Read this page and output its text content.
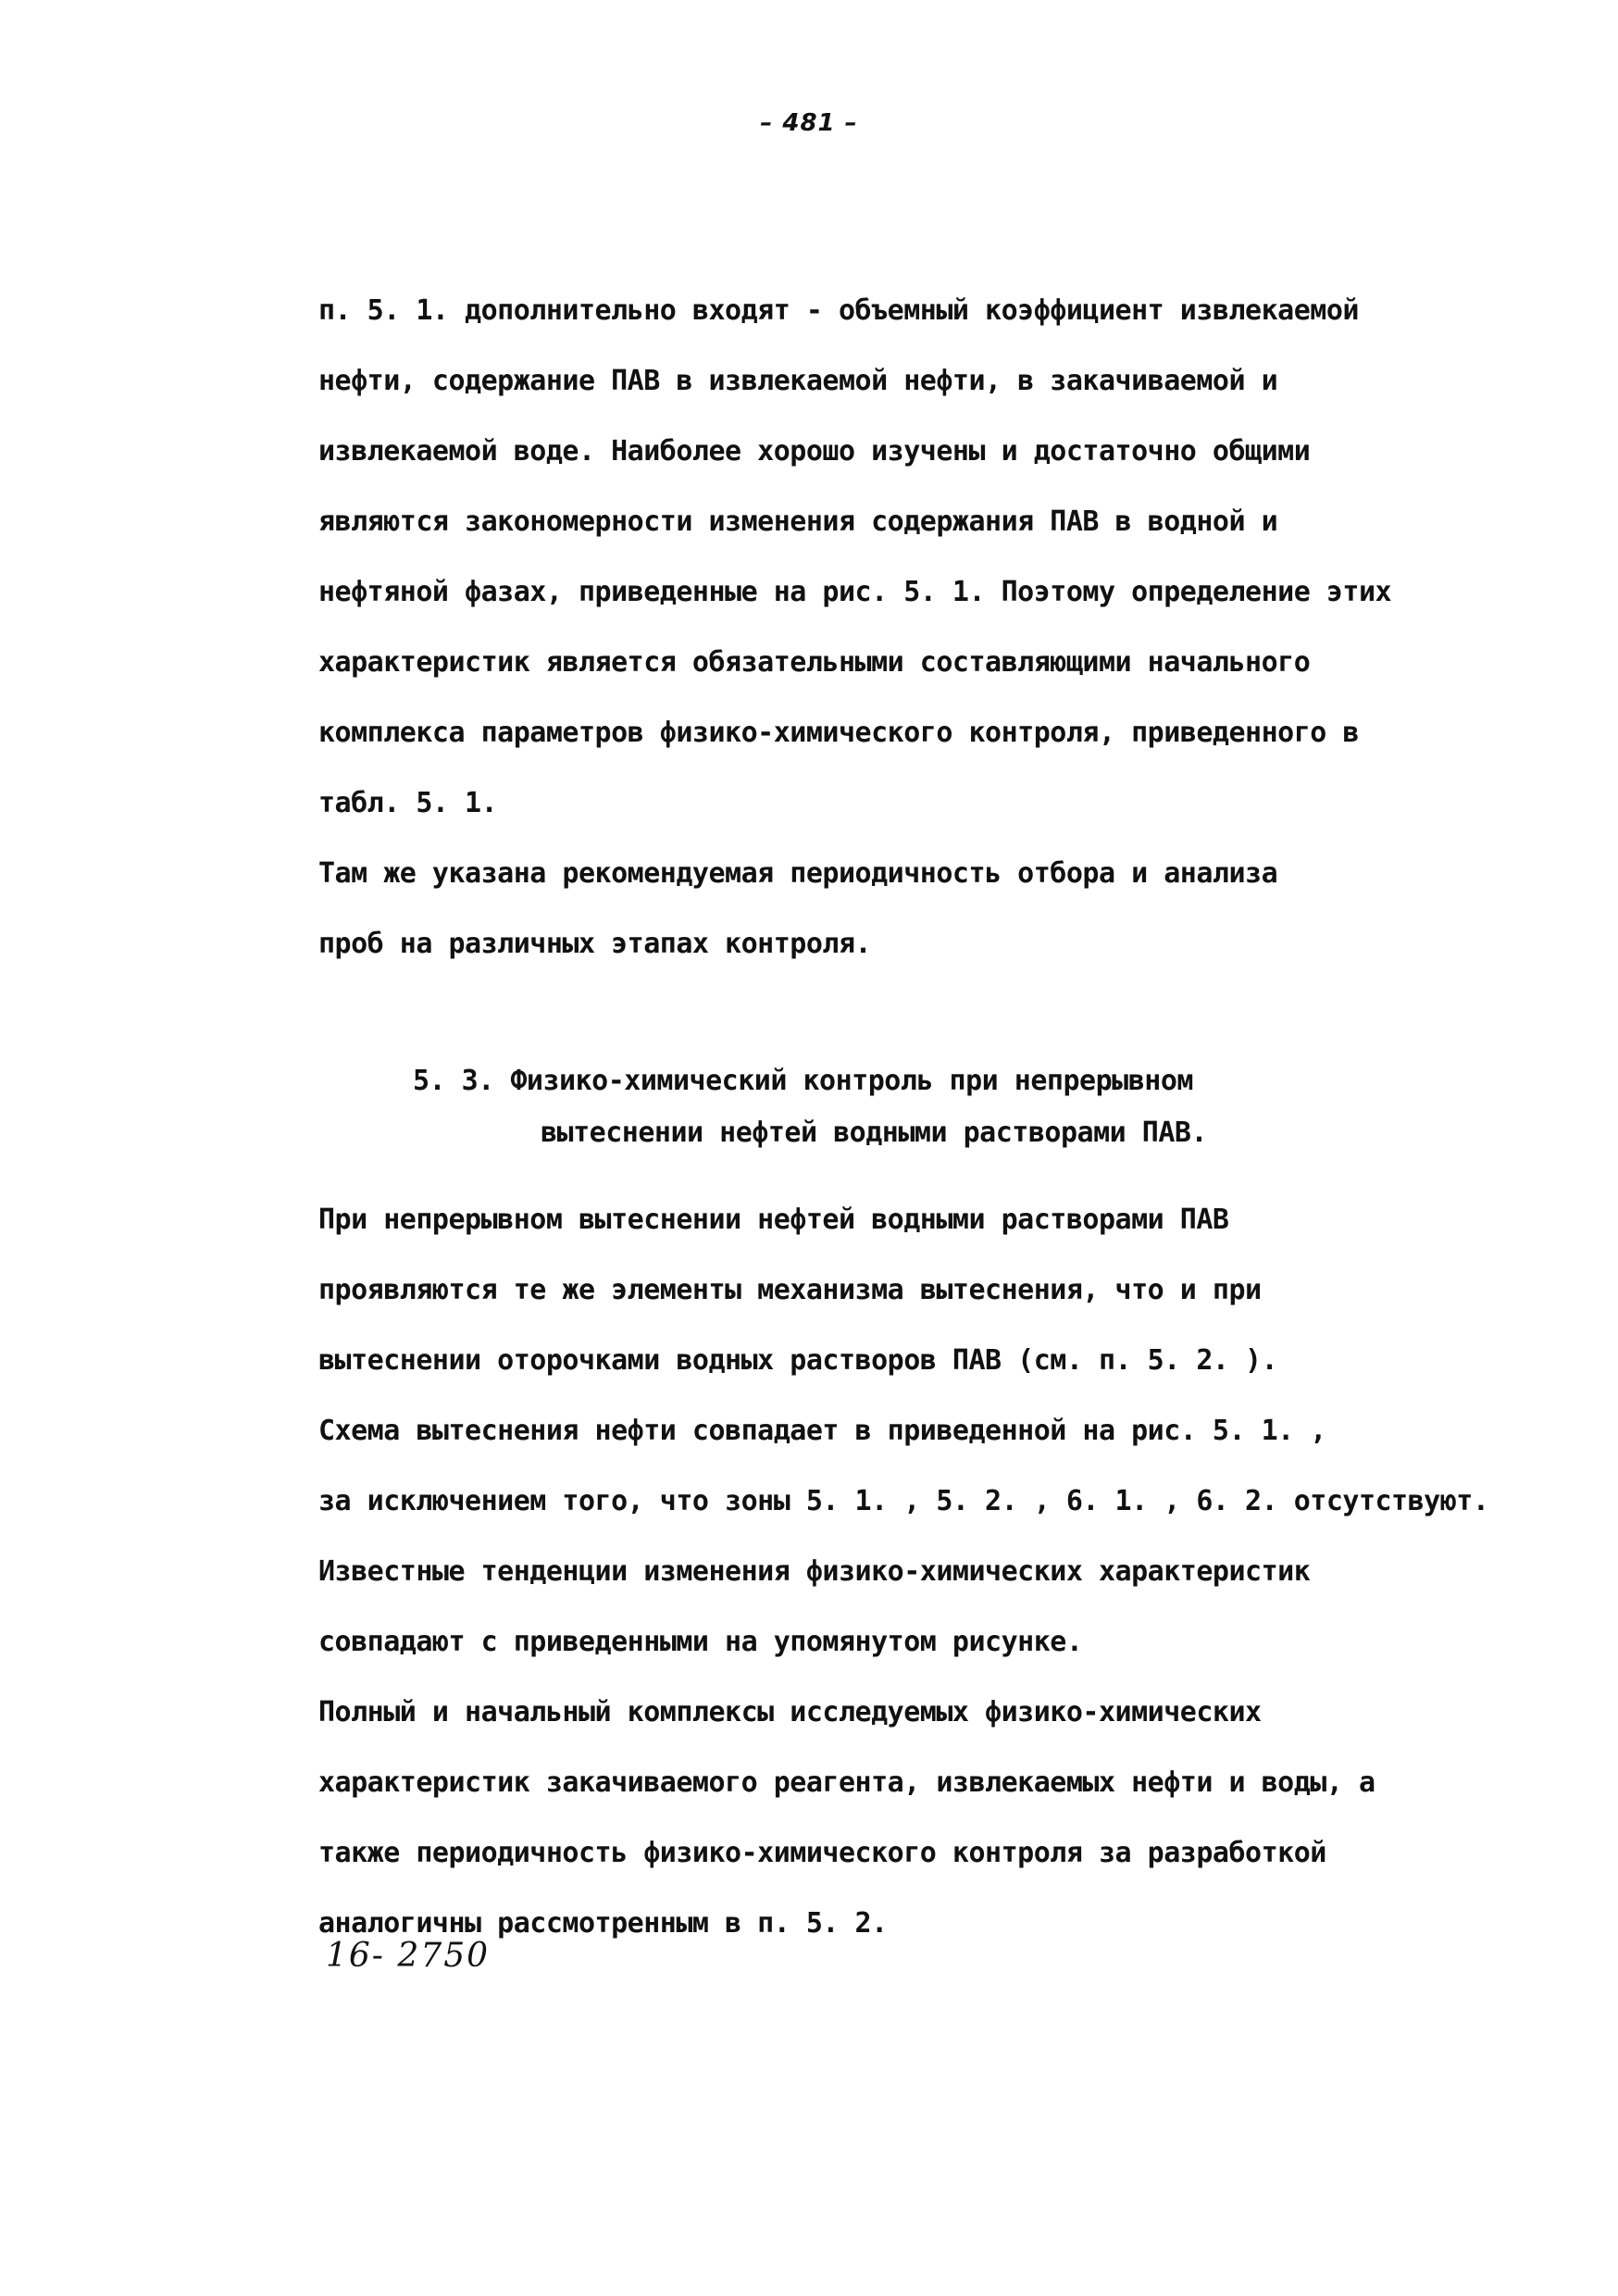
– 481 –
п. 5. 1. дополнительно входят - объемный коэффициент извлекаемой
нефти, содержание ПАВ в извлекаемой нефти, в закачиваемой и
извлекаемой воде. Наиболее хорошо изучены и достаточно общими
являются закономерности изменения содержания ПАВ в водной и
нефтяной фазах, приведенные на рис. 5. 1. Поэтому определение этих
характеристик является обязательными составляющими начального
комплекса параметров физико-химического контроля, приведенного в
табл. 5. 1.
Там же указана рекомендуемая периодичность отбора и анализа
проб на различных этапах контроля.
5. 3. Физико-химический контроль при непрерывном
вытеснении нефтей водными растворами ПАВ.
При непрерывном вытеснении нефтей водными растворами ПАВ
проявляются те же элементы механизма вытеснения, что и при
вытеснении оторочками водных растворов ПАВ (см. п. 5. 2. ).
Схема вытеснения нефти совпадает в приведенной на рис. 5. 1. ,
за исключением того, что зоны 5. 1. , 5. 2. , 6. 1. , 6. 2. отсутствуют.
Известные тенденции изменения физико-химических характеристик
совпадают с приведенными на упомянутом рисунке.
Полный и начальный комплексы исследуемых физико-химических
характеристик закачиваемого реагента, извлекаемых нефти и воды, а
также периодичность физико-химического контроля за разработкой
аналогичны рассмотренным в п. 5. 2.
16- 2750
